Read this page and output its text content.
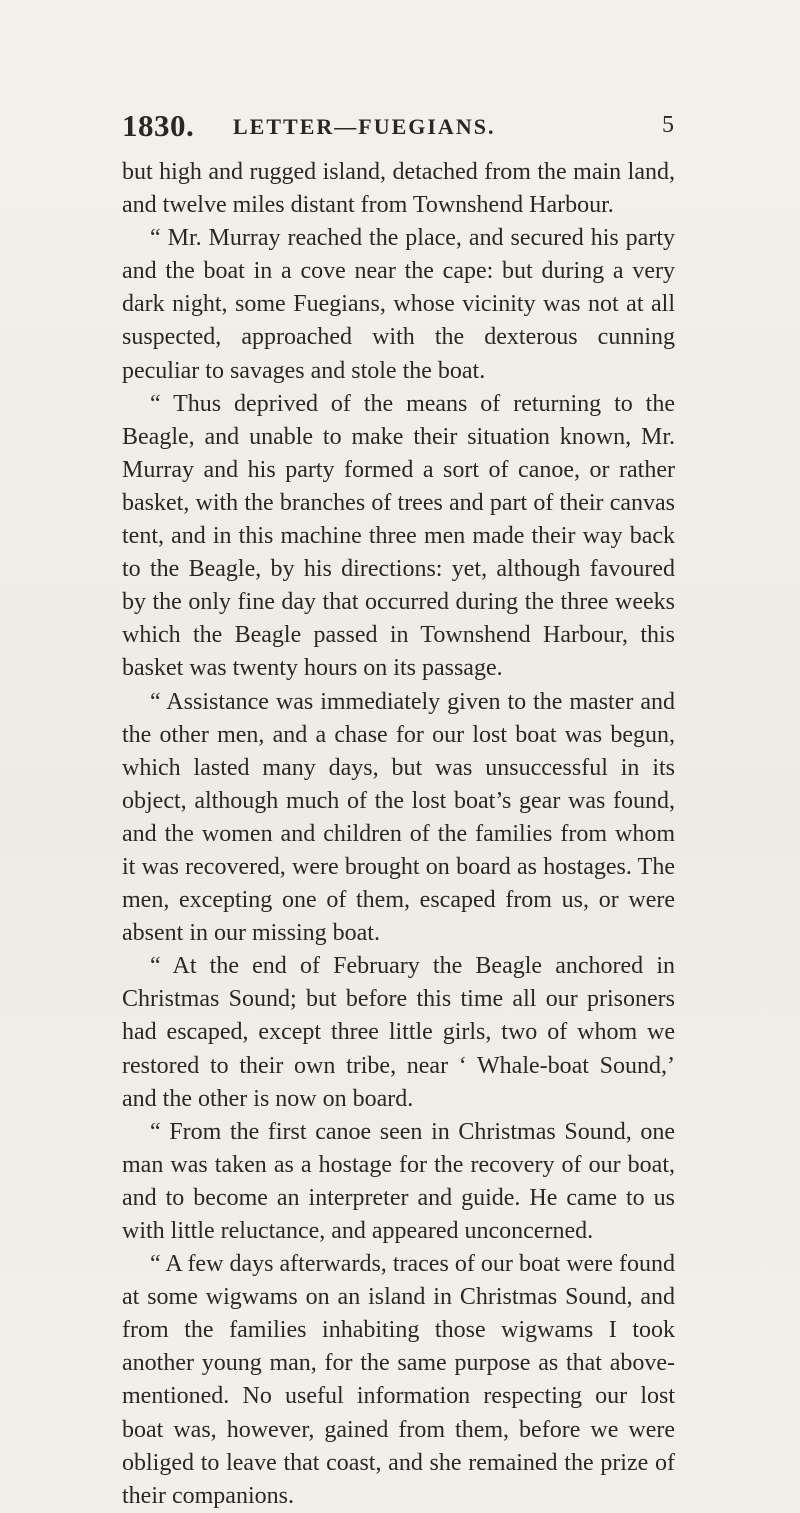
1830. LETTER—FUEGIANS.	5

but high and rugged island, detached from the main land, and twelve miles distant from Townshend Harbour.

“ Mr. Murray reached the place, and secured his party and the boat in a cove near the cape: but during a very dark night, some Fuegians, whose vicinity was not at all suspected, approached with the dexterous cunning peculiar to savages and stole the boat.

“ Thus deprived of the means of returning to the Beagle, and unable to make their situation known, Mr. Murray and his party formed a sort of canoe, or rather basket, with the branches of trees and part of their canvas tent, and in this machine three men made their way back to the Beagle, by his directions: yet, although favoured by the only fine day that occurred during the three weeks which the Beagle passed in Townshend Harbour, this basket was twenty hours on its passage.

“ Assistance was immediately given to the master and the other men, and a chase for our lost boat was begun, which lasted many days, but was unsuccessful in its object, although much of the lost boat’s gear was found, and the women and children of the families from whom it was recovered, were brought on board as hostages. The men, excepting one of them, escaped from us, or were absent in our missing boat.

“ At the end of February the Beagle anchored in Christmas Sound; but before this time all our prisoners had escaped, except three little girls, two of whom we restored to their own tribe, near ‘ Whale-boat Sound,’ and the other is now on board.

“ From the first canoe seen in Christmas Sound, one man was taken as a hostage for the recovery of our boat, and to become an interpreter and guide. He came to us with little reluctance, and appeared unconcerned.

“ A few days afterwards, traces of our boat were found at some wigwams on an island in Christmas Sound, and from the families inhabiting those wigwams I took another young man, for the same purpose as that above-mentioned. No useful information respecting our lost boat was, however, gained from them, before we were obliged to leave that coast, and she remained the prize of their companions.
